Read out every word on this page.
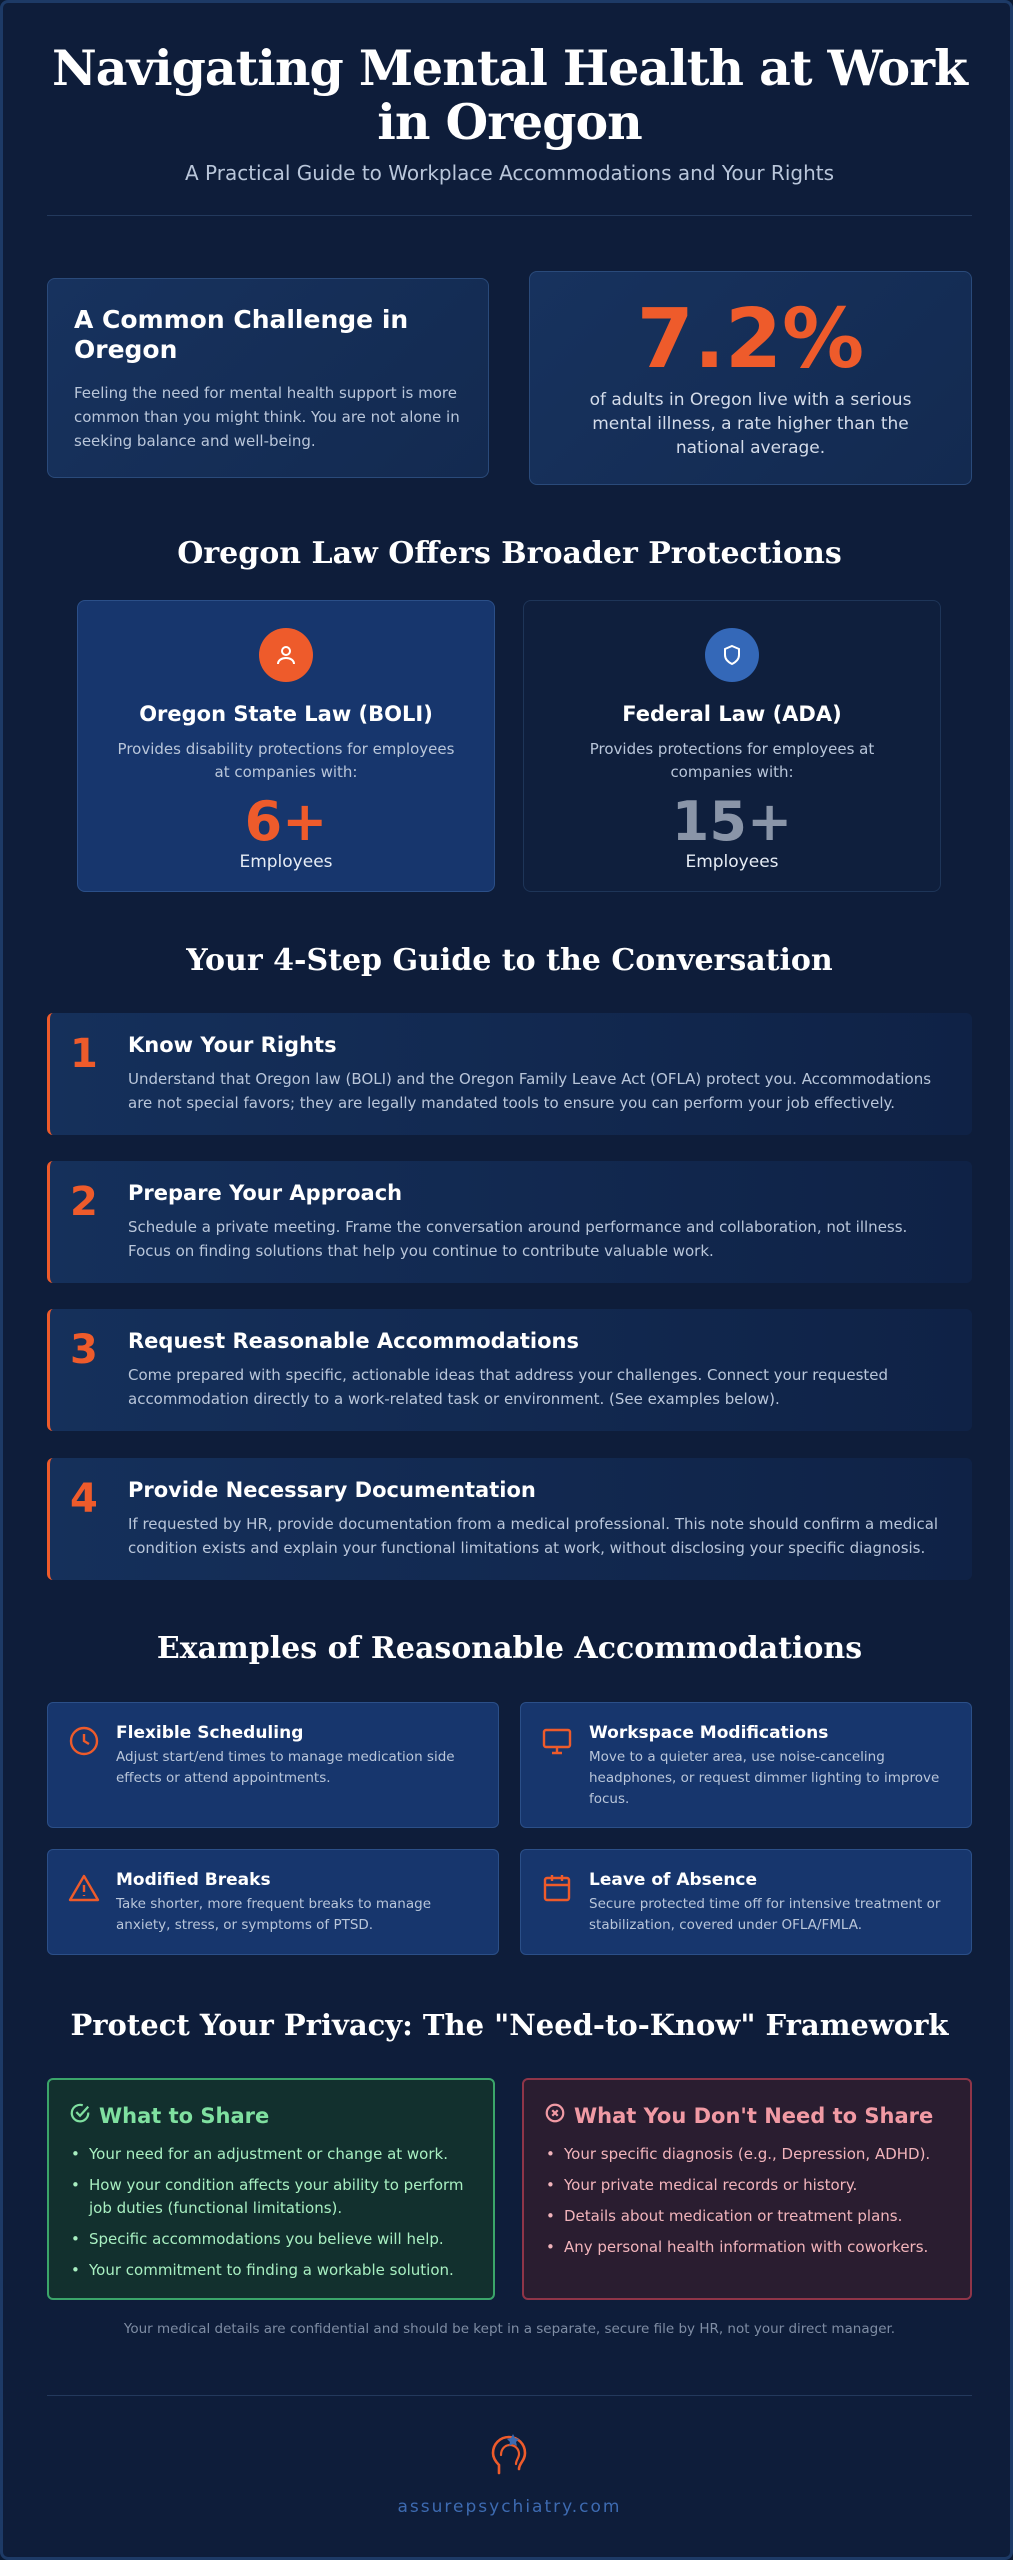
Navigating Mental Health at Work in Oregon
A Practical Guide to Workplace Accommodations and Your Rights
A Common Challenge in Oregon

Feeling the need for mental health support is more common than you might think. You are not alone in seeking balance and well-being.

7.2%

of adults in Oregon live with a serious mental illness, a rate higher than the national average.

Oregon Law Offers Broader Protections
Oregon State Law (BOLI)

Provides disability protections for employees at companies with:

6+
Employees
Federal Law (ADA)

Provides protections for employees at companies with:

15+
Employees
Your 4-Step Guide to the Conversation
1 Know Your Rights

Understand that Oregon law (BOLI) and the Oregon Family Leave Act (OFLA) protect you. Accommodations are not special favors; they are legally mandated tools to ensure you can perform your job effectively.

2 Prepare Your Approach

Schedule a private meeting. Frame the conversation around performance and collaboration, not illness. Focus on finding solutions that help you continue to contribute valuable work.

3 Request Reasonable Accommodations

Come prepared with specific, actionable ideas that address your challenges. Connect your requested accommodation directly to a work-related task or environment. (See examples below).

4 Provide Necessary Documentation

If requested by HR, provide documentation from a medical professional. This note should confirm a medical condition exists and explain your functional limitations at work, without disclosing your specific diagnosis.

Examples of Reasonable Accommodations
Flexible Scheduling

Adjust start/end times to manage medication side effects or attend appointments.

Workspace Modifications

Move to a quieter area, use noise-canceling headphones, or request dimmer lighting to improve focus.

Modified Breaks

Take shorter, more frequent breaks to manage anxiety, stress, or symptoms of PTSD.

Leave of Absence

Secure protected time off for intensive treatment or stabilization, covered under OFLA/FMLA.

Protect Your Privacy: The "Need-to-Know" Framework
What to Share
• Your need for an adjustment or change at work.
• How your condition affects your ability to perform job duties (functional limitations).
• Specific accommodations you believe will help.
• Your commitment to finding a workable solution.
What You Don't Need to Share
• Your specific diagnosis (e.g., Depression, ADHD).
• Your private medical records or history.
• Details about medication or treatment plans.
• Any personal health information with coworkers.
Your medical details are confidential and should be kept in a separate, secure file by HR, not your direct manager.
assurepsychiatry.com
